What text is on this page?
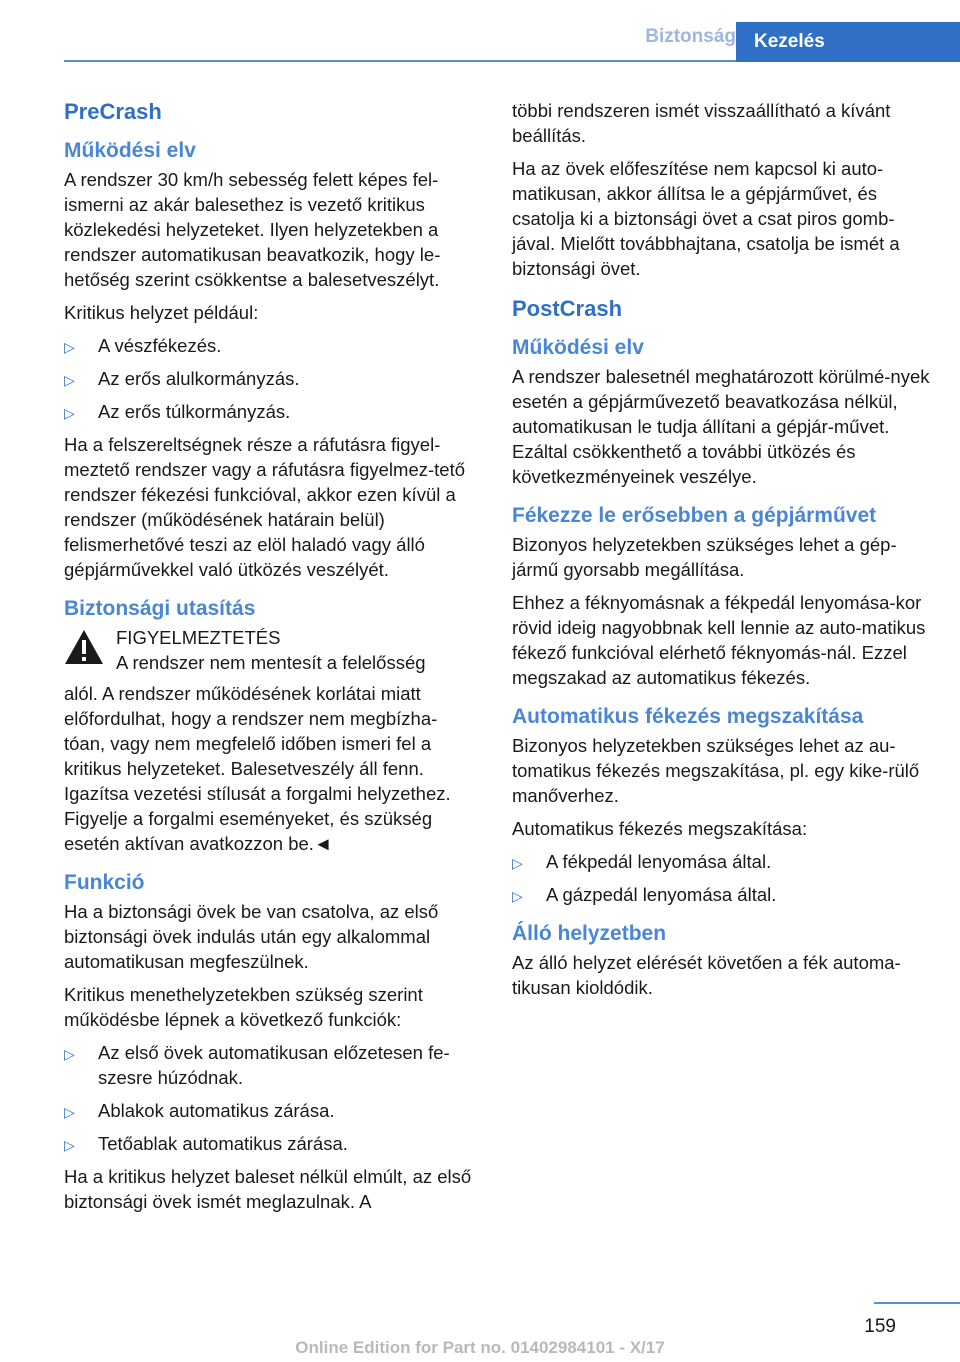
Biztonság Kezelés
PreCrash
Működési elv

A rendszer 30 km/h sebesség felett képes fel-ismerni az akár balesethez is vezető kritikus közlekedési helyzeteket. Ilyen helyzetekben a rendszer automatikusan beavatkozik, hogy le-hetőség szerint csökkentse a balesetveszélyt.

Kritikus helyzet például:

▷ A vészfékezés.
▷ Az erős alulkormányzás.
▷ Az erős túlkormányzás.

Ha a felszereltségnek része a ráfutásra figyel-meztető rendszer vagy a ráfutásra figyelmez-tető rendszer fékezési funkcióval, akkor ezen kívül a rendszer (működésének határain belül) felismerhetővé teszi az elöl haladó vagy álló gépjárművekkel való ütközés veszélyét.

Biztonsági utasítás

FIGYELMEZTETÉS

A rendszer nem mentesít a felelősség

alól. A rendszer működésének korlátai miatt előfordulhat, hogy a rendszer nem megbízha-tóan, vagy nem megfelelő időben ismeri fel a kritikus helyzeteket. Balesetveszély áll fenn. Igazítsa vezetési stílusát a forgalmi helyzethez. Figyelje a forgalmi eseményeket, és szükség esetén aktívan avatkozzon be.◄

Funkció

Ha a biztonsági övek be van csatolva, az első biztonsági övek indulás után egy alkalommal automatikusan megfeszülnek.

Kritikus menethelyzetekben szükség szerint működésbe lépnek a következő funkciók:

▷ Az első övek automatikusan előzetesen fe-szesre húzódnak.
▷ Ablakok automatikus zárása.
▷ Tetőablak automatikus zárása.

Ha a kritikus helyzet baleset nélkül elmúlt, az első biztonsági övek ismét meglazulnak. A

többi rendszeren ismét visszaállítható a kívánt beállítás.

Ha az övek előfeszítése nem kapcsol ki auto-matikusan, akkor állítsa le a gépjárművet, és csatolja ki a biztonsági övet a csat piros gomb-jával. Mielőtt továbbhajtana, csatolja be ismét a biztonsági övet.

PostCrash
Működési elv

A rendszer balesetnél meghatározott körülmé-nyek esetén a gépjárművezető beavatkozása nélkül, automatikusan le tudja állítani a gépjár-művet. Ezáltal csökkenthető a további ütközés és következményeinek veszélye.

Fékezze le erősebben a gépjárművet

Bizonyos helyzetekben szükséges lehet a gép-jármű gyorsabb megállítása.

Ehhez a féknyomásnak a fékpedál lenyomása-kor rövid ideig nagyobbnak kell lennie az auto-matikus fékező funkcióval elérhető féknyomás-nál. Ezzel megszakad az automatikus fékezés.

Automatikus fékezés megszakítása

Bizonyos helyzetekben szükséges lehet az au-tomatikus fékezés megszakítása, pl. egy kike-rülő manőverhez.

Automatikus fékezés megszakítása:

▷ A fékpedál lenyomása által.
▷ A gázpedál lenyomása által.
Álló helyzetben

Az álló helyzet elérését követően a fék automa-tikusan kioldódik.

159
Online Edition for Part no. 01402984101 - X/17
